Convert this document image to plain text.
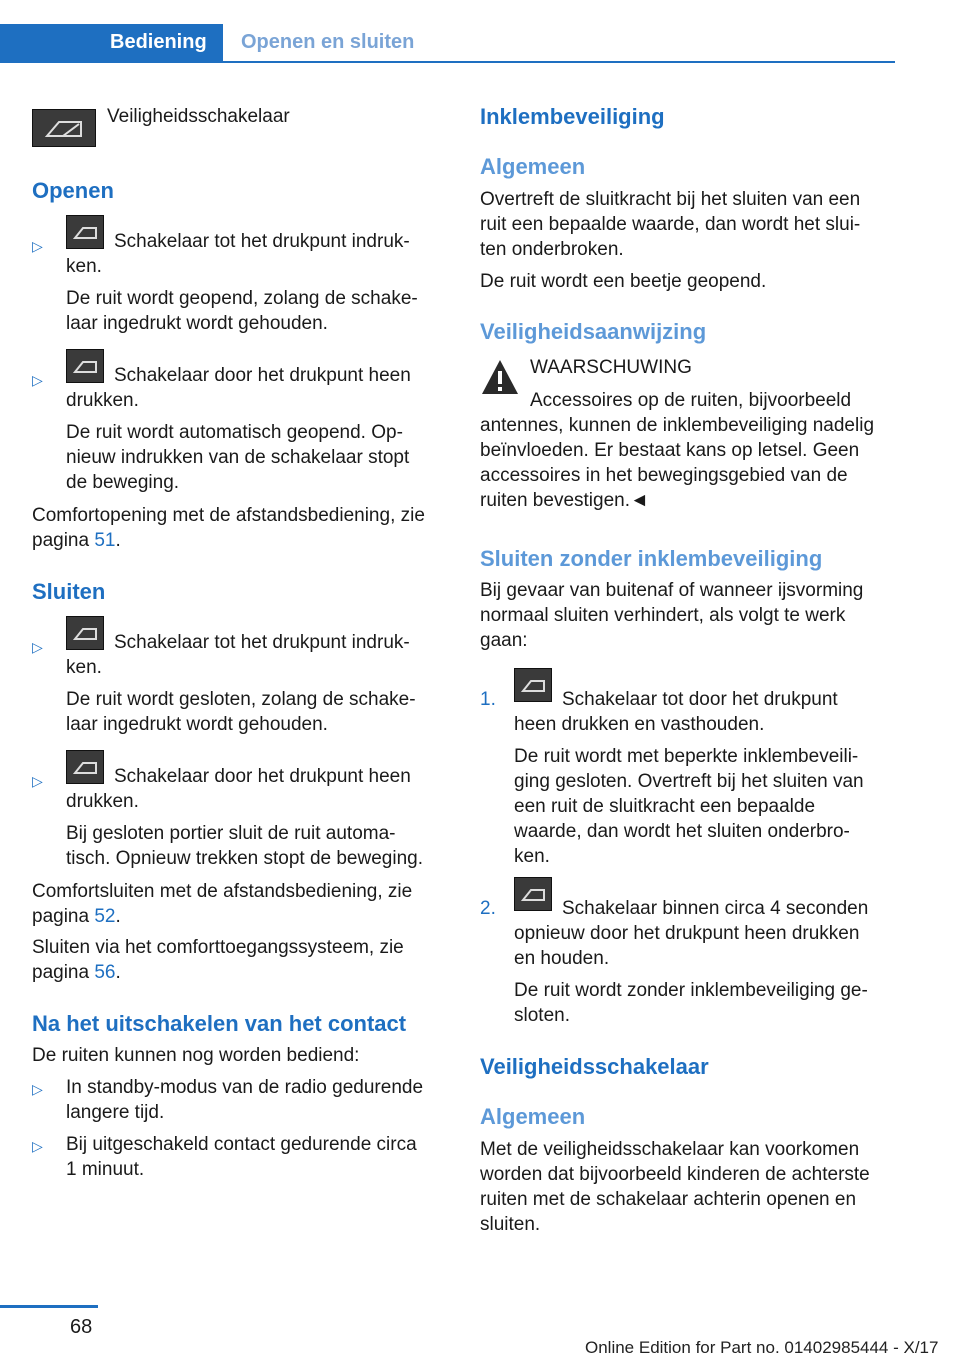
Bediening	Openen en sluiten
Veiligheidsschakelaar
Openen
▷	Schakelaar tot het drukpunt indruk-
ken.
De ruit wordt geopend, zolang de schake-
laar ingedrukt wordt gehouden.
▷	Schakelaar door het drukpunt heen
drukken.
De ruit wordt automatisch geopend. Op-
nieuw indrukken van de schakelaar stopt
de beweging.
Comfortopening met de afstandsbediening, zie
pagina 51.
Sluiten
▷	Schakelaar tot het drukpunt indruk-
ken.
De ruit wordt gesloten, zolang de schake-
laar ingedrukt wordt gehouden.
▷	Schakelaar door het drukpunt heen
drukken.
Bij gesloten portier sluit de ruit automa-
tisch. Opnieuw trekken stopt de beweging.
Comfortsluiten met de afstandsbediening, zie
pagina 52.
Sluiten via het comforttoegangssysteem, zie
pagina 56.
Na het uitschakelen van het contact
De ruiten kunnen nog worden bediend:
▷ In standby-modus van de radio gedurende
langere tijd.
▷ Bij uitgeschakeld contact gedurende circa
1 minuut.
Inklembeveiliging
Algemeen
Overtreft de sluitkracht bij het sluiten van een
ruit een bepaalde waarde, dan wordt het slui-
ten onderbroken.
De ruit wordt een beetje geopend.
Veiligheidsaanwijzing
WAARSCHUWING
Accessoires op de ruiten, bijvoorbeeld
antennes, kunnen de inklembeveiliging nadelig
beïnvloeden. Er bestaat kans op letsel. Geen
accessoires in het bewegingsgebied van de
ruiten bevestigen.◄
Sluiten zonder inklembeveiliging
Bij gevaar van buitenaf of wanneer ijsvorming
normaal sluiten verhindert, als volgt te werk
gaan:
1.	Schakelaar tot door het drukpunt
heen drukken en vasthouden.
De ruit wordt met beperkte inklembeveili-
ging gesloten. Overtreft bij het sluiten van
een ruit de sluitkracht een bepaalde
waarde, dan wordt het sluiten onderbro-
ken.
2.	Schakelaar binnen circa 4 seconden
opnieuw door het drukpunt heen drukken
en houden.
De ruit wordt zonder inklembeveiliging ge-
sloten.
Veiligheidsschakelaar
Algemeen
Met de veiligheidsschakelaar kan voorkomen
worden dat bijvoorbeeld kinderen de achterste
ruiten met de schakelaar achterin openen en
sluiten.
68
Online Edition for Part no. 01402985444 - X/17
